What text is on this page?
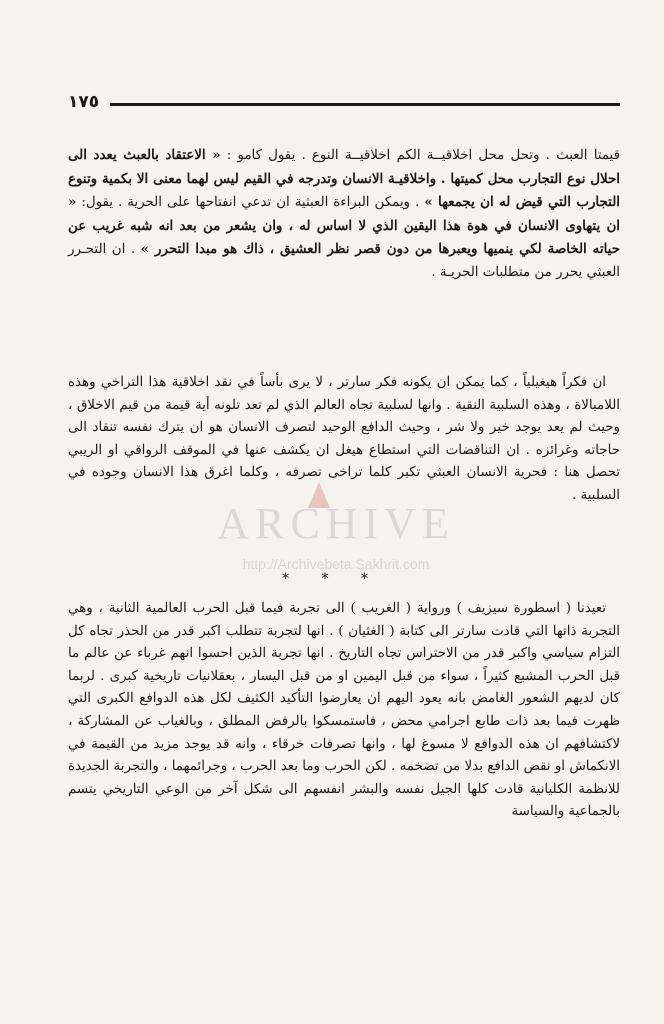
١٧٥

قيمتا العبث . وتحل محل اخلاقيــة الكم اخلاقيــة النوع . يقول كامو : « الاعتقاد بالعبث يعدد الى احلال نوع التجارب محل كميتها . واخلاقيـة الانسان وتدرجه في القيم ليس لهما معنى الا بكمية وتنوع التجارب التي قيض له ان يجمعها » . ويمكن البراءة العبثية ان تدعي انفتاحها على الحرية . يقول: « ان يتهاوى الانسان في هوة هذا اليقين الذي لا اساس له ، وان يشعر من بعد انه شبه غريب عن حياته الخاصة لكي ينميها ويعبرها من دون قصر نظر العشيق ، ذاك هو مبدا التحرر » . ان التحـرر العبثي يحرر من متطلبات الحريـة .

ان فكراً هيغيلياً ، كما يمكن ان يكونه فكر سارتر ، لا يرى بأساً في نقد اخلاقية هذا التراخي وهذه اللامبالاة ، وهذه السلبية النقية . وانها لسلبية تجاه العالم الذي لم تعد تلونه أية قيمة من قيم الاخلاق ، وحيث لم يعد يوجد خير ولا شر ، وحيث الدافع الوحيد لتصرف الانسان هو ان يترك نفسه تنقاد الى حاجاته وغرائزه . ان التناقضات التي استطاع هيغل ان يكشف عنها في الموقف الرواقي او الريبي تحصل هنا : فحرية الانسان العبثي تكبر كلما تراخى تصرفه ، وكلما اغرق هذا الانسان وجوده في السلبية .

* * *

تعيدنا ( اسطورة سيزيف ) ورواية ( الغريب ) الى تجربة فيما قبل الحرب العالمية الثانية ، وهي التجربة ذاتها التي قادت سارتر الى كتابة ( الغثيان ) . انها لتجربة تتطلب اكبر قدر من الحذر تجاه كل التزام سياسي واكبر قدر من الاحتراس تجاه التاريخ . انها تجربة الذين احسوا انهم غرباء عن عالم ما قبل الحرب المشبع كثيراً ، سواء من قبل اليمين او من قبل اليسار ، بعقلانيات تاريخية كبرى . لربما كان لديهم الشعور الغامض بانه يعود اليهم ان يعارضوا التأكيد الكثيف لكل هذه الدوافع الكبرى التي ظهرت فيما بعد ذات طابع اجرامي محض ، فاستمسكوا بالرفض المطلق ، وبالغياب عن المشاركة ، لاكتشافهم ان هذه الدوافع لا مسوغ لها ، وانها تصرفات خرقاء ، وانه قد يوجد مزيد من القيمة في الانكماش او نقص الدافع بدلا من تضخمه . لكن الحرب وما بعد الحرب ، وجرائمهما ، والتجربة الجديدة للانظمة الكليانية قادت كلها الجيل نفسه والبشر انفسهم الى شكل آخر من الوعي التاريخي يتسم بالجماعية والسياسة

ARCHIVE
http://Archivebeta.Sakhrit.com
